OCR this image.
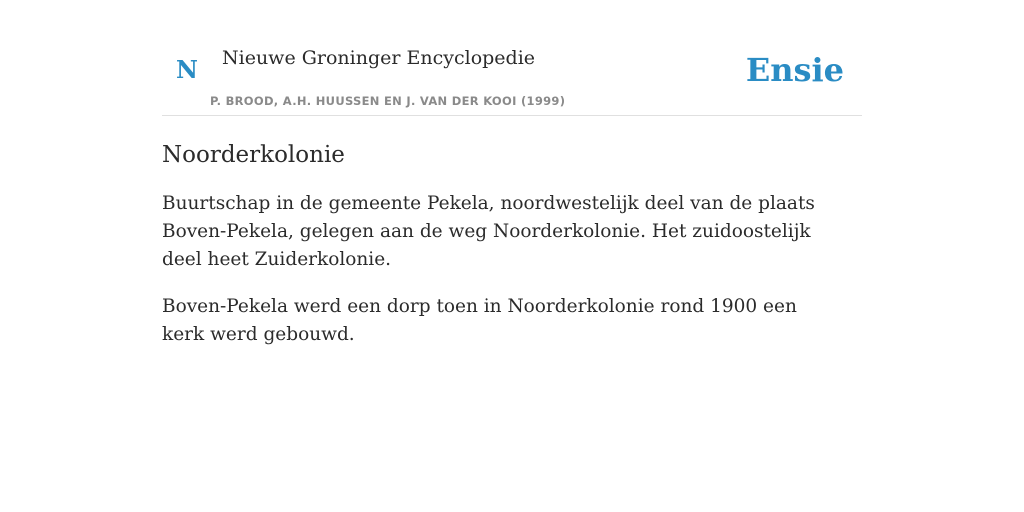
N Nieuwe Groninger Encyclopedie
P. BROOD, A.H. HUUSSEN EN J. VAN DER KOOI (1999)
Ensie
Noorderkolonie

Buurtschap in de gemeente Pekela, noordwestelijk deel van de plaats Boven-Pekela, gelegen aan de weg Noorderkolonie. Het zuidoostelijk deel heet Zuiderkolonie.

Boven-Pekela werd een dorp toen in Noorderkolonie rond 1900 een kerk werd gebouwd.
